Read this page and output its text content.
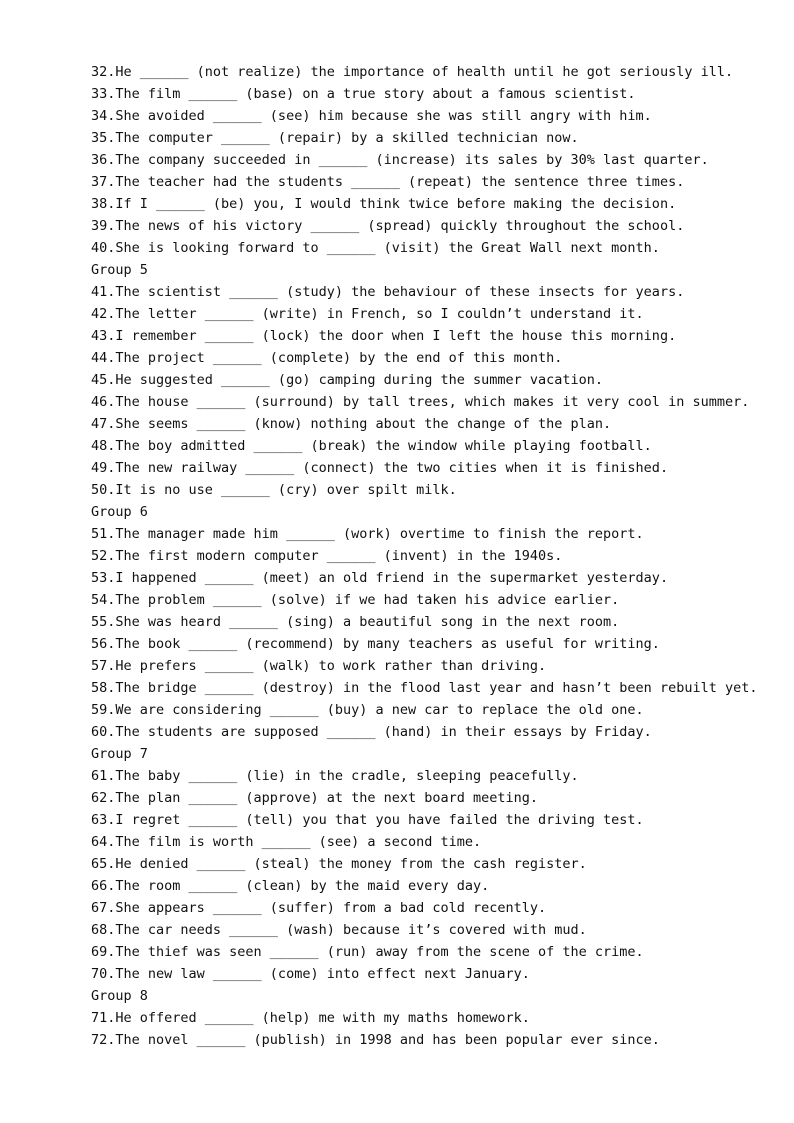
32.He ______ (not realize) the importance of health until he got seriously ill.
33.The film ______ (base) on a true story about a famous scientist.
34.She avoided ______ (see) him because she was still angry with him.
35.The computer ______ (repair) by a skilled technician now.
36.The company succeeded in ______ (increase) its sales by 30% last quarter.
37.The teacher had the students ______ (repeat) the sentence three times.
38.If I ______ (be) you, I would think twice before making the decision.
39.The news of his victory ______ (spread) quickly throughout the school.
40.She is looking forward to ______ (visit) the Great Wall next month.
Group 5
41.The scientist ______ (study) the behaviour of these insects for years.
42.The letter ______ (write) in French, so I couldn’t understand it.
43.I remember ______ (lock) the door when I left the house this morning.
44.The project ______ (complete) by the end of this month.
45.He suggested ______ (go) camping during the summer vacation.
46.The house ______ (surround) by tall trees, which makes it very cool in summer.
47.She seems ______ (know) nothing about the change of the plan.
48.The boy admitted ______ (break) the window while playing football.
49.The new railway ______ (connect) the two cities when it is finished.
50.It is no use ______ (cry) over spilt milk.
Group 6
51.The manager made him ______ (work) overtime to finish the report.
52.The first modern computer ______ (invent) in the 1940s.
53.I happened ______ (meet) an old friend in the supermarket yesterday.
54.The problem ______ (solve) if we had taken his advice earlier.
55.She was heard ______ (sing) a beautiful song in the next room.
56.The book ______ (recommend) by many teachers as useful for writing.
57.He prefers ______ (walk) to work rather than driving.
58.The bridge ______ (destroy) in the flood last year and hasn’t been rebuilt yet.
59.We are considering ______ (buy) a new car to replace the old one.
60.The students are supposed ______ (hand) in their essays by Friday.
Group 7
61.The baby ______ (lie) in the cradle, sleeping peacefully.
62.The plan ______ (approve) at the next board meeting.
63.I regret ______ (tell) you that you have failed the driving test.
64.The film is worth ______ (see) a second time.
65.He denied ______ (steal) the money from the cash register.
66.The room ______ (clean) by the maid every day.
67.She appears ______ (suffer) from a bad cold recently.
68.The car needs ______ (wash) because it’s covered with mud.
69.The thief was seen ______ (run) away from the scene of the crime.
70.The new law ______ (come) into effect next January.
Group 8
71.He offered ______ (help) me with my maths homework.
72.The novel ______ (publish) in 1998 and has been popular ever since.
